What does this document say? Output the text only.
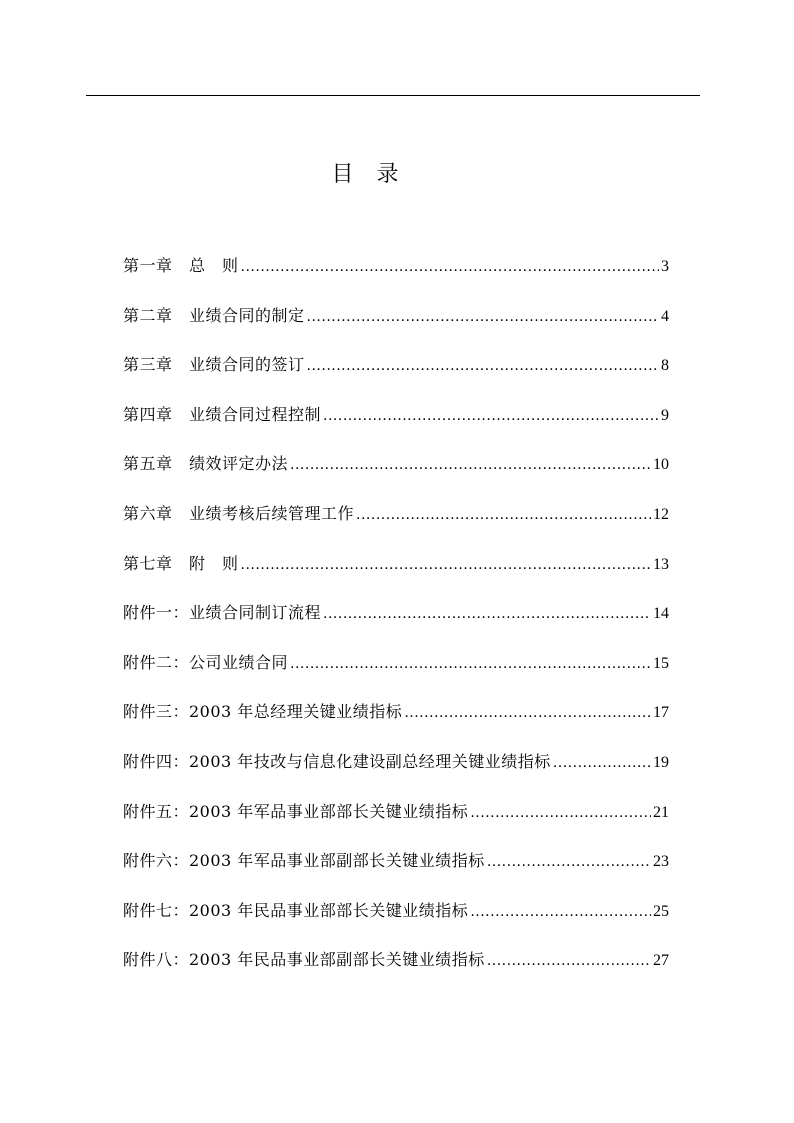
目 录
第一章　总　则 .....	3
第二章　业绩合同的制定 .....	4
第三章　业绩合同的签订 .....	8
第四章　业绩合同过程控制 .....	9
第五章　绩效评定办法 .....	10
第六章　业绩考核后续管理工作 .....	12
第七章　附　则 .....	13
附件一：业绩合同制订流程 .....	14
附件二：公司业绩合同 .....	15
附件三：2003 年总经理关键业绩指标 .....	17
附件四：2003 年技改与信息化建设副总经理关键业绩指标 .....	19
附件五：2003 年军品事业部部长关键业绩指标 .....	21
附件六：2003 年军品事业部副部长关键业绩指标 .....	23
附件七：2003 年民品事业部部长关键业绩指标 .....	25
附件八：2003 年民品事业部副部长关键业绩指标 .....	27
